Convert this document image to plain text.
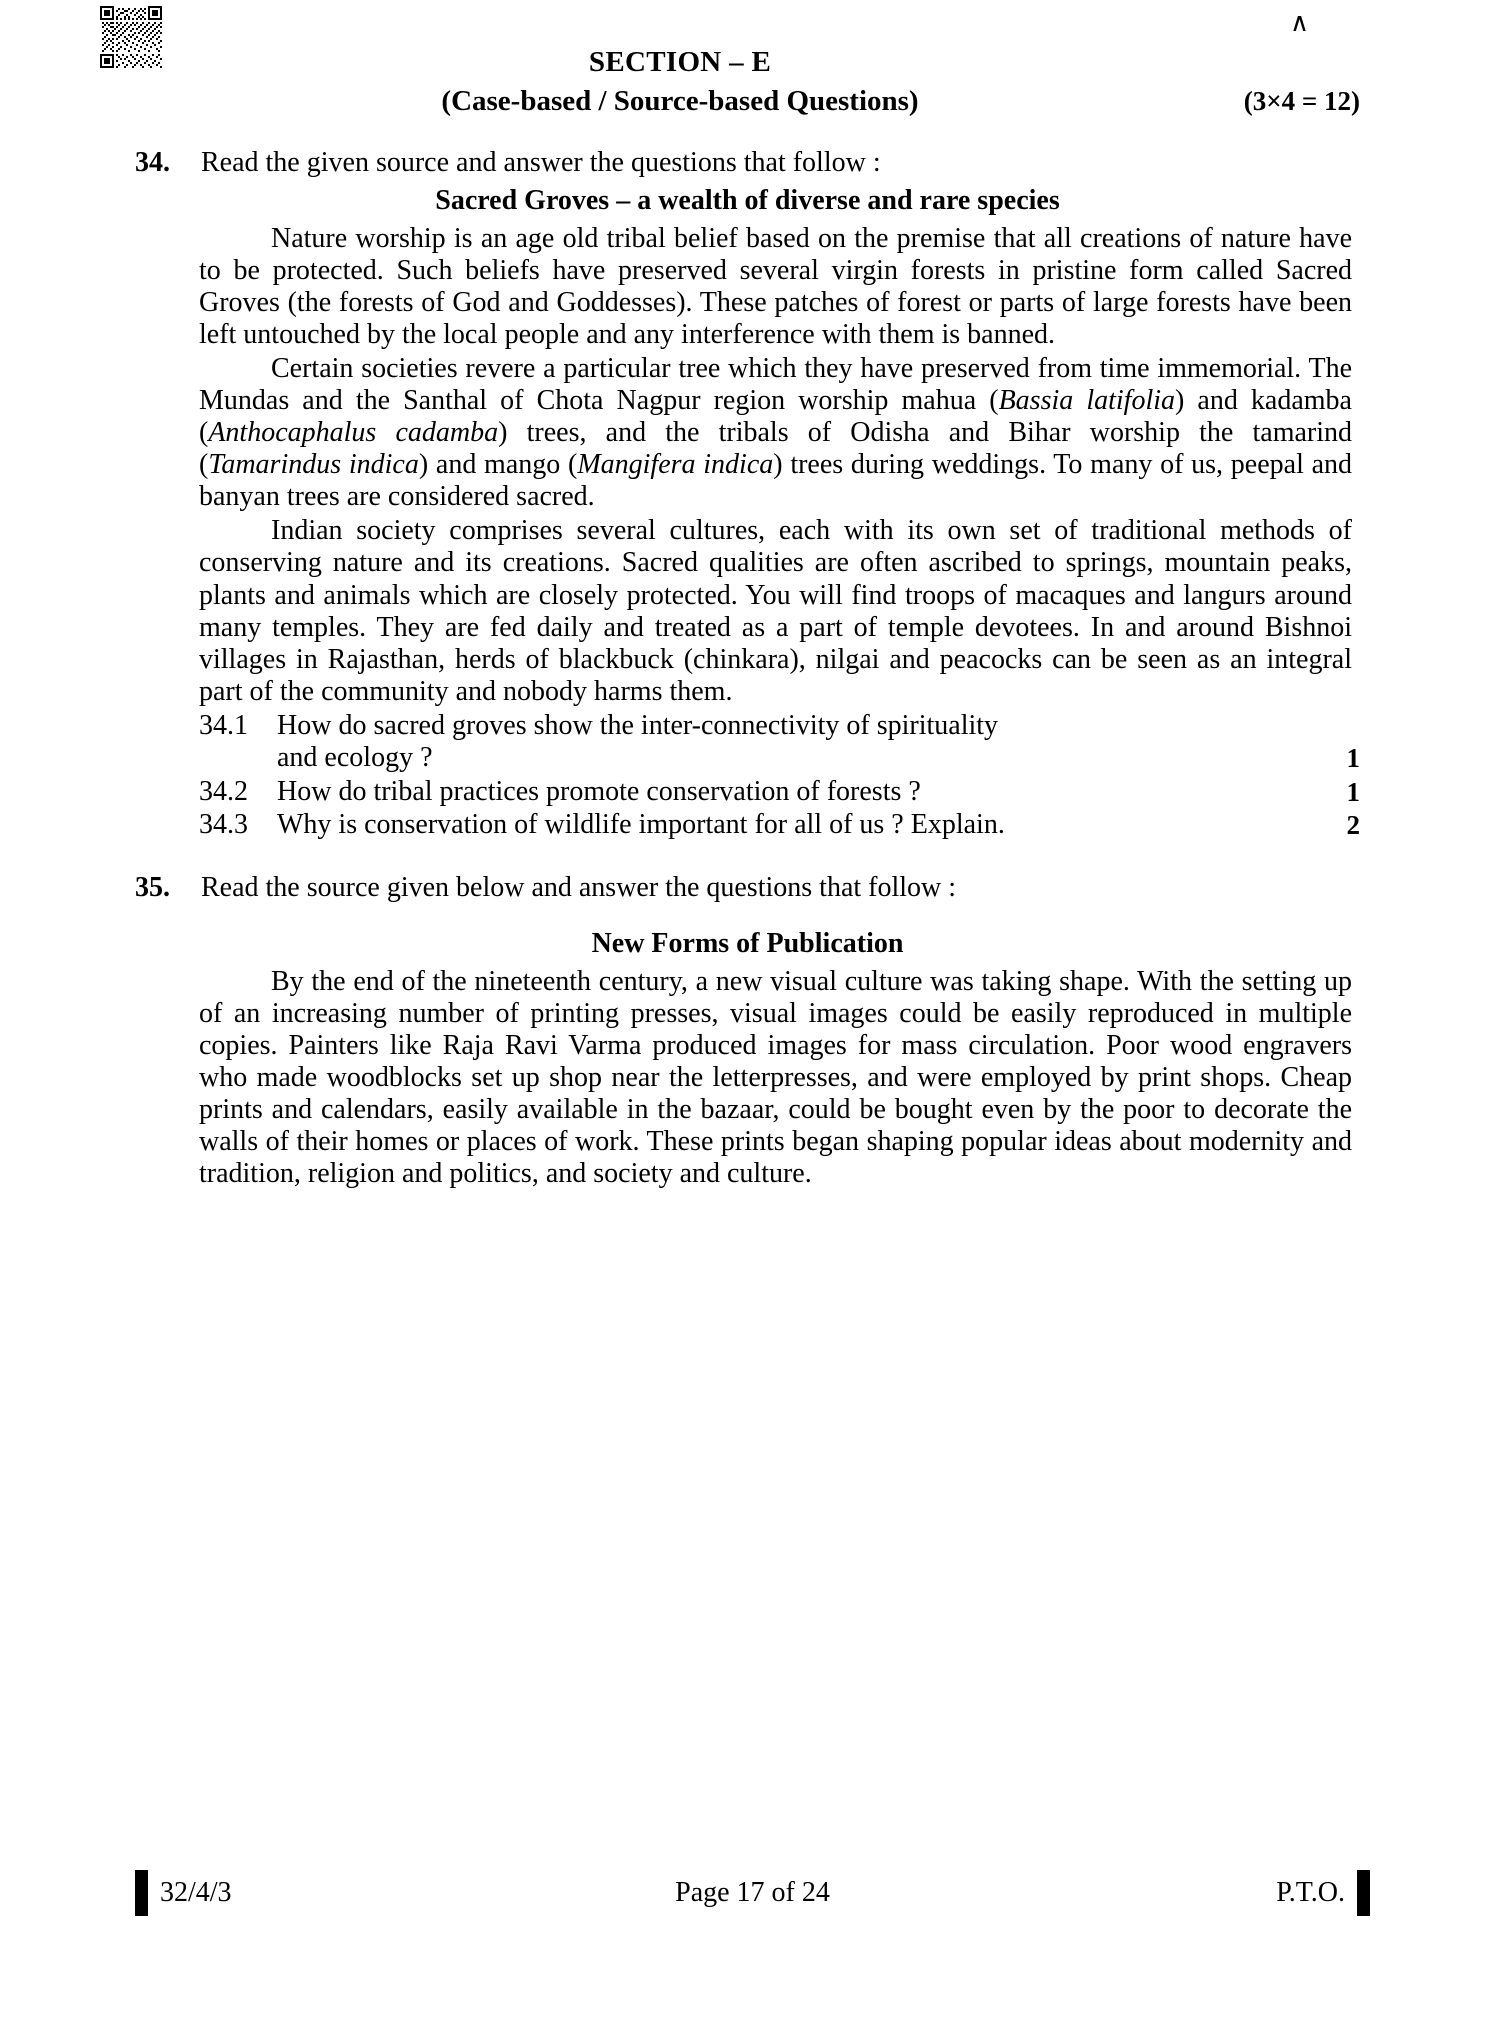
∧
SECTION – E
(Case-based / Source-based Questions)	(3×4 = 12)
34.	Read the given source and answer the questions that follow :
Sacred Groves – a wealth of diverse and rare species

Nature worship is an age old tribal belief based on the premise that all creations of nature have to be protected. Such beliefs have preserved several virgin forests in pristine form called Sacred Groves (the forests of God and Goddesses). These patches of forest or parts of large forests have been left untouched by the local people and any interference with them is banned.

Certain societies revere a particular tree which they have preserved from time immemorial. The Mundas and the Santhal of Chota Nagpur region worship mahua (Bassia latifolia) and kadamba (Anthocaphalus cadamba) trees, and the tribals of Odisha and Bihar worship the tamarind (Tamarindus indica) and mango (Mangifera indica) trees during weddings. To many of us, peepal and banyan trees are considered sacred.

Indian society comprises several cultures, each with its own set of traditional methods of conserving nature and its creations. Sacred qualities are often ascribed to springs, mountain peaks, plants and animals which are closely protected. You will find troops of macaques and langurs around many temples. They are fed daily and treated as a part of temple devotees. In and around Bishnoi villages in Rajasthan, herds of blackbuck (chinkara), nilgai and peacocks can be seen as an integral part of the community and nobody harms them.

34.1	How do sacred groves show the inter-connectivity of spirituality
and ecology ?	1
34.2	How do tribal practices promote conservation of forests ?	1
34.3	Why is conservation of wildlife important for all of us ? Explain.	2
35.	Read the source given below and answer the questions that follow :
New Forms of Publication

By the end of the nineteenth century, a new visual culture was taking shape. With the setting up of an increasing number of printing presses, visual images could be easily reproduced in multiple copies. Painters like Raja Ravi Varma produced images for mass circulation. Poor wood engravers who made woodblocks set up shop near the letterpresses, and were employed by print shops. Cheap prints and calendars, easily available in the bazaar, could be bought even by the poor to decorate the walls of their homes or places of work. These prints began shaping popular ideas about modernity and tradition, religion and politics, and society and culture.

32/4/3	Page 17 of 24	P.T.O.
